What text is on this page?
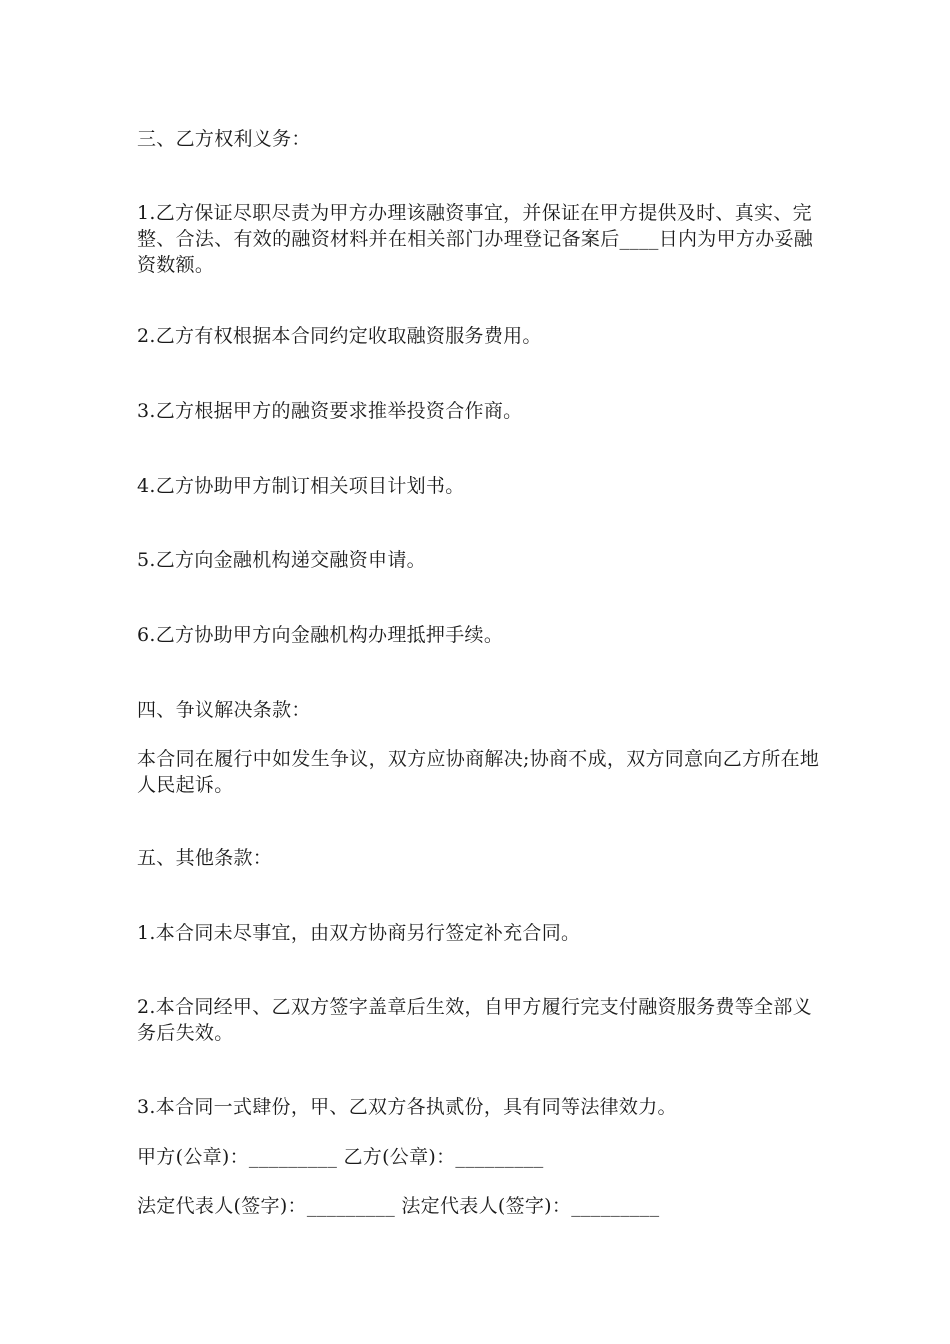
三、乙方权利义务：

1.乙方保证尽职尽责为甲方办理该融资事宜，并保证在甲方提供及时、真实、完整、合法、有效的融资材料并在相关部门办理登记备案后____日内为甲方办妥融资数额。

2.乙方有权根据本合同约定收取融资服务费用。

3.乙方根据甲方的融资要求推举投资合作商。

4.乙方协助甲方制订相关项目计划书。

5.乙方向金融机构递交融资申请。

6.乙方协助甲方向金融机构办理抵押手续。

四、争议解决条款：

本合同在履行中如发生争议，双方应协商解决;协商不成，双方同意向乙方所在地人民起诉。

五、其他条款：

1.本合同未尽事宜，由双方协商另行签定补充合同。

2.本合同经甲、乙双方签字盖章后生效，自甲方履行完支付融资服务费等全部义务后失效。

3.本合同一式肆份，甲、乙双方各执贰份，具有同等法律效力。

甲方(公章)：_________ 乙方(公章)：_________

法定代表人(签字)：_________ 法定代表人(签字)：_________
